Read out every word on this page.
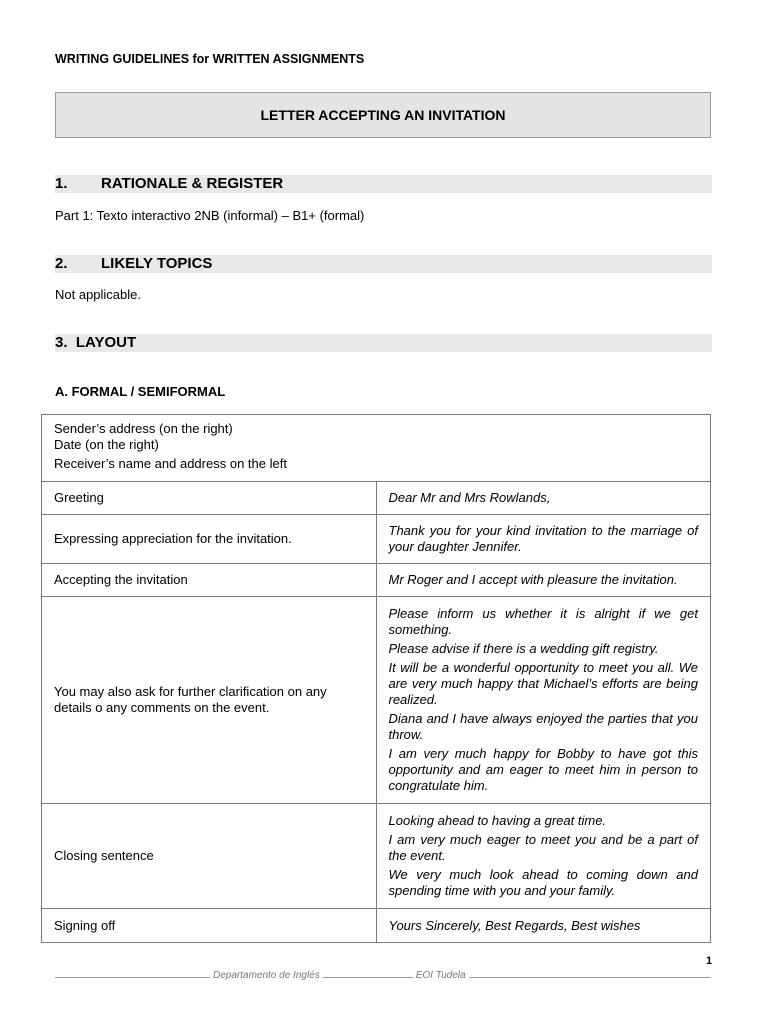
WRITING GUIDELINES for WRITTEN ASSIGNMENTS
LETTER ACCEPTING AN INVITATION
1. RATIONALE & REGISTER
Part 1: Texto interactivo 2NB (informal) – B1+ (formal)
2. LIKELY TOPICS
Not applicable.
3.  LAYOUT
A. FORMAL / SEMIFORMAL
Sender’s address (on the right)
Date (on the right)
Receiver’s name and address on the left	

Greeting	Dear Mr and Mrs Rowlands,
Expressing appreciation for the invitation.	Thank you for your kind invitation to the marriage of your daughter Jennifer.
Accepting the invitation	Mr Roger and I accept with pleasure the invitation.
You may also ask for further clarification on any details o any comments on the event.	Please inform us whether it is alright if we get something.
Please advise if there is a wedding gift registry.
It will be a wonderful opportunity to meet you all. We are very much happy that Michael’s efforts are being realized.
Diana and I have always enjoyed the parties that you throw.
I am very much happy for Bobby to have got this opportunity and am eager to meet him in person to congratulate him.

Closing sentence	Looking ahead to having a great time.
I am very much eager to meet you and be a part of the event.
We very much look ahead to coming down and spending time with you and your family.

Signing off	Yours Sincerely, Best Regards, Best wishes
1
Departamento de Inglés	EOI Tudela
